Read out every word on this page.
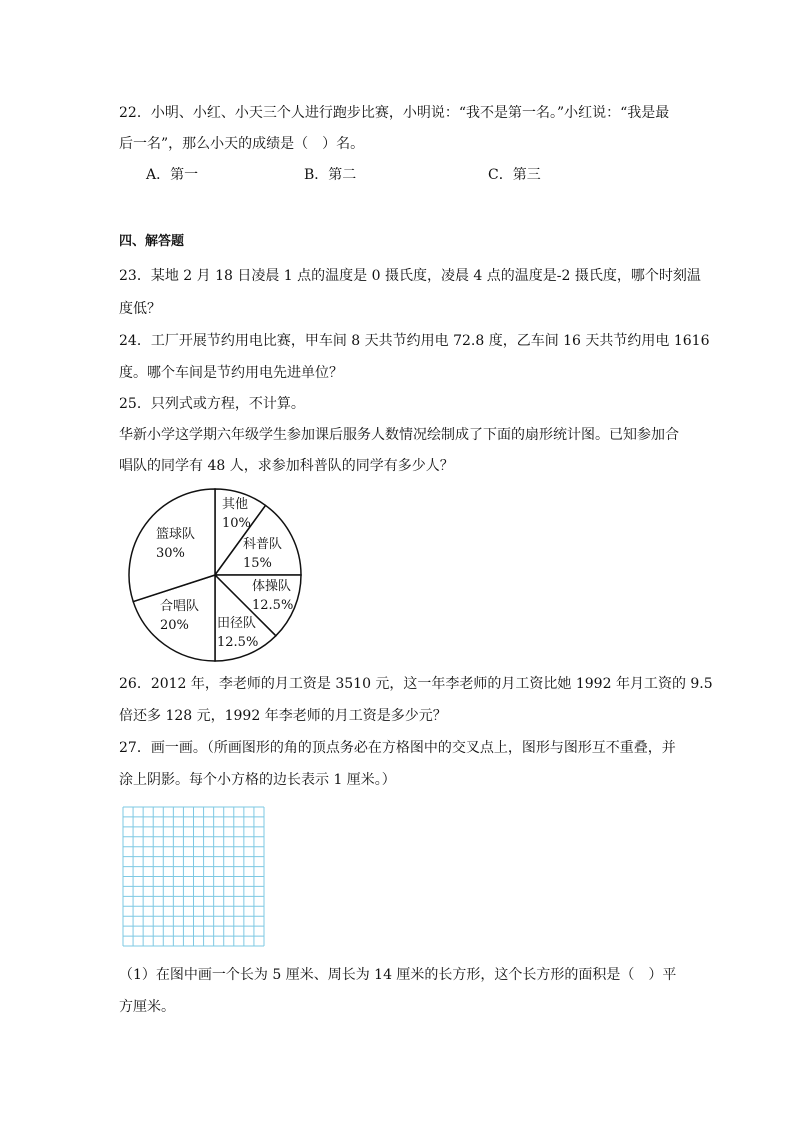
22．小明、小红、小天三个人进行跑步比赛，小明说：“我不是第一名。”小红说：“我是最
后一名”，那么小天的成绩是（　）名。
A．第一	B．第二	C．第三
四、解答题
23．某地 2 月 18 日凌晨 1 点的温度是 0 摄氏度，凌晨 4 点的温度是-2 摄氏度，哪个时刻温
度低？
24．工厂开展节约用电比赛，甲车间 8 天共节约用电 72.8 度，乙车间 16 天共节约用电 1616
度。哪个车间是节约用电先进单位？
25．只列式或方程，不计算。
华新小学这学期六年级学生参加课后服务人数情况绘制成了下面的扇形统计图。已知参加合
唱队的同学有 48 人，求参加科普队的同学有多少人？
其他
10%
科普队
15%
体操队
12.5%
田径队
12.5%
合唱队
20%
篮球队
30%
26．2012 年，李老师的月工资是 3510 元，这一年李老师的月工资比她 1992 年月工资的 9.5
倍还多 128 元，1992 年李老师的月工资是多少元？
27．画一画。（所画图形的角的顶点务必在方格图中的交叉点上，图形与图形互不重叠，并
涂上阴影。每个小方格的边长表示 1 厘米。）
（1）在图中画一个长为 5 厘米、周长为 14 厘米的长方形，这个长方形的面积是（　）平
方厘米。
